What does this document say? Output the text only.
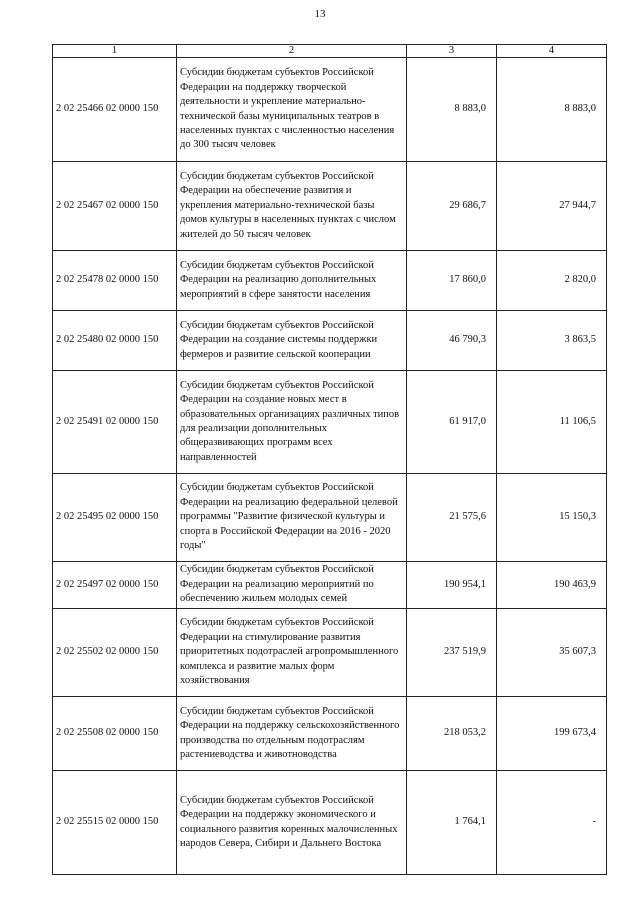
13
1	2	3	4
2 02 25466 02 0000 150	Субсидии бюджетам субъектов Российской Федерации на поддержку творческой деятельности и укрепление материально-технической базы муниципальных театров в населенных пунктах с численностью населения до 300 тысяч человек	8 883,0	8 883,0
2 02 25467 02 0000 150	Субсидии бюджетам субъектов Российской Федерации на обеспечение развития и укрепления материально-технической базы домов культуры в населенных пунктах с числом жителей до 50 тысяч человек	29 686,7	27 944,7
2 02 25478 02 0000 150	Субсидии бюджетам субъектов Российской Федерации на реализацию дополнительных мероприятий в сфере занятости населения	17 860,0	2 820,0
2 02 25480 02 0000 150	Субсидии бюджетам субъектов Российской Федерации на создание системы поддержки фермеров и развитие сельской кооперации	46 790,3	3 863,5
2 02 25491 02 0000 150	Субсидии бюджетам субъектов Российской Федерации на создание новых мест в образовательных организациях различных типов для реализации дополнительных общеразвивающих программ всех направленностей	61 917,0	11 106,5
2 02 25495 02 0000 150	Субсидии бюджетам субъектов Российской Федерации на реализацию федеральной целевой программы "Развитие физической культуры и спорта в Российской Федерации на 2016 - 2020 годы"	21 575,6	15 150,3
2 02 25497 02 0000 150	Субсидии бюджетам субъектов Российской Федерации на реализацию мероприятий по обеспечению жильем молодых семей	190 954,1	190 463,9
2 02 25502 02 0000 150	Субсидии бюджетам субъектов Российской Федерации на стимулирование развития приоритетных подотраслей агропромышленного комплекса и развитие малых форм хозяйствования	237 519,9	35 607,3
2 02 25508 02 0000 150	Субсидии бюджетам субъектов Российской Федерации на поддержку сельскохозяйственного производства по отдельным подотраслям растениеводства и животноводства	218 053,2	199 673,4
2 02 25515 02 0000 150	Субсидии бюджетам субъектов Российской Федерации на поддержку экономического и социального развития коренных малочисленных народов Севера, Сибири и Дальнего Востока	1 764,1	-
